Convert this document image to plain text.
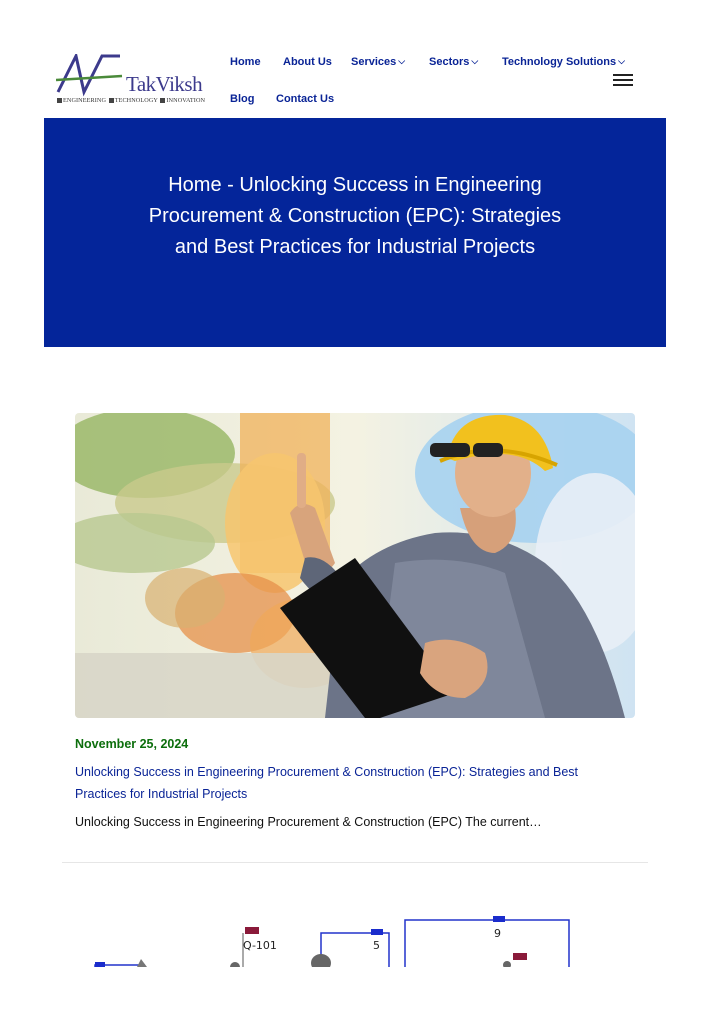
TakViksh
ENGINEERING TECHNOLOGY INNOVATION
Home About Us Services ⌵ Sectors ⌵ Technology Solutions ⌵
Blog Contact Us
Home - Unlocking Success in Engineering Procurement & Construction (EPC): Strategies and Best Practices for Industrial Projects
November 25, 2024
Unlocking Success in Engineering Procurement & Construction (EPC): Strategies and Best Practices for Industrial Projects

Unlocking Success in Engineering Procurement & Construction (EPC) The current…

Q-101	5
9
